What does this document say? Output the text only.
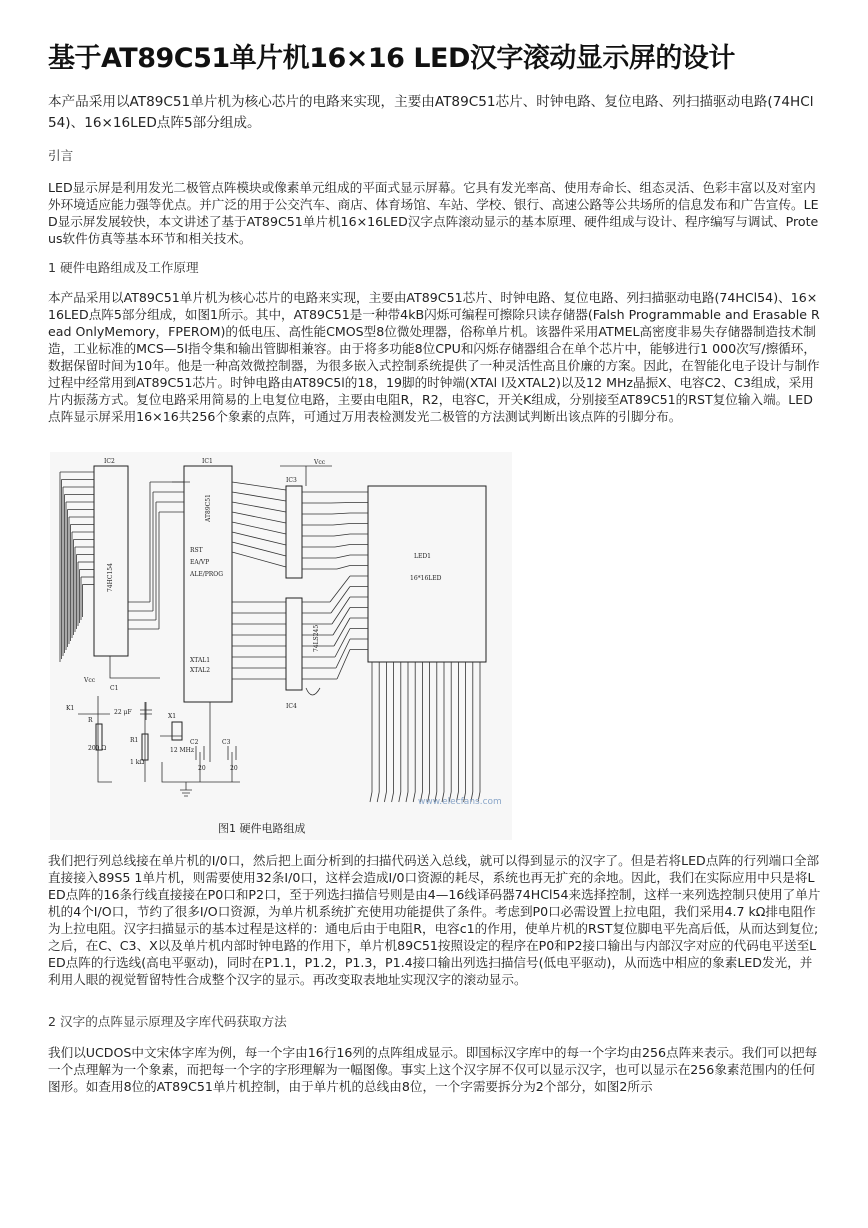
基于AT89C51单片机16×16 LED汉字滚动显示屏的设计

本产品采用以AT89C51单片机为核心芯片的电路来实现，主要由AT89C51芯片、时钟电路、复位电路、列扫描驱动电路(74HCl54)、16×16LED点阵5部分组成。

引言

LED显示屏是利用发光二极管点阵模块或像素单元组成的平面式显示屏幕。它具有发光率高、使用寿命长、组态灵活、色彩丰富以及对室内外环境适应能力强等优点。并广泛的用于公交汽车、商店、体育场馆、车站、学校、银行、高速公路等公共场所的信息发布和广告宣传。LED显示屏发展较快，本文讲述了基于AT89C51单片机16×16LED汉字点阵滚动显示的基本原理、硬件组成与设计、程序编写与调试、Proteus软件仿真等基本环节和相关技术。

1 硬件电路组成及工作原理

本产品采用以AT89C51单片机为核心芯片的电路来实现，主要由AT89C51芯片、时钟电路、复位电路、列扫描驱动电路(74HCl54)、16×16LED点阵5部分组成，如图1所示。其中，AT89C51是一种带4kB闪烁可编程可擦除只读存储器(Falsh Programmable and Erasable Read OnlyMemory，FPEROM)的低电压、高性能CMOS型8位微处理器，俗称单片机。该器件采用ATMEL高密度非易失存储器制造技术制造，工业标准的MCS—5l指令集和输出管脚相兼容。由于将多功能8位CPU和闪烁存储器组合在单个芯片中，能够进行1 000次写/擦循环，数据保留时间为10年。他是一种高效微控制器，为很多嵌入式控制系统提供了一种灵活性高且价廉的方案。因此，在智能化电子设计与制作过程中经常用到AT89C51芯片。时钟电路由AT89C5l的18，19脚的时钟端(XTAl l及XTAL2)以及12 MHz晶振X、电容C2、C3组成，采用片内振荡方式。复位电路采用简易的上电复位电路，主要由电阻R，R2，电容C，开关K组成，分别接至AT89C51的RST复位输入端。LED点阵显示屏采用16×16共256个象素的点阵，可通过万用表检测发光二极管的方法测试判断出该点阵的引脚分布。

IC2	IC1
IC3
IC4
Vcc
LED1
16*16LED
ALE/PROG
EA/VP
RST
XTAL1
XTAL2
C1
22 μF
R
200 Ω
R1
1 kΩ
X1
12 MHz
C2
20
C3
20
K1
Vcc
74HC154
AT89C51
74LS245
www.elecfans.com
图1 硬件电路组成

我们把行列总线接在单片机的I/0口，然后把上面分析到的扫描代码送入总线，就可以得到显示的汉字了。但是若将LED点阵的行列端口全部直接接入89S5 1单片机，则需要使用32条I/0口，这样会造成I/0口资源的耗尽，系统也再无扩充的余地。因此，我们在实际应用中只是将LED点阵的16条行线直接接在P0口和P2口，至于列选扫描信号则是由4—16线译码器74HCl54来选择控制，这样一来列选控制只使用了单片机的4个I/O口，节约了很多I/O口资源，为单片机系统扩充使用功能提供了条件。考虑到P0口必需设置上拉电阻，我们采用4.7 kΩ排电阻作为上拉电阻。汉字扫描显示的基本过程是这样的：通电后由于电阻R，电容c1的作用，使单片机的RST复位脚电平先高后低，从而达到复位;之后，在C、C3、X以及单片机内部时钟电路的作用下，单片机89C51按照设定的程序在P0和P2接口输出与内部汉字对应的代码电平送至LED点阵的行选线(高电平驱动)，同时在P1.1，P1.2，P1.3，P1.4接口输出列选扫描信号(低电平驱动)，从而选中相应的象素LED发光，并利用人眼的视觉暂留特性合成整个汉字的显示。再改变取表地址实现汉字的滚动显示。

2 汉字的点阵显示原理及字库代码获取方法

我们以UCDOS中文宋体字库为例，每一个字由16行16列的点阵组成显示。即国标汉字库中的每一个字均由256点阵来表示。我们可以把每一个点理解为一个象素，而把每一个字的字形理解为一幅图像。事实上这个汉字屏不仅可以显示汉字，也可以显示在256象素范围内的任何图形。如查用8位的AT89C51单片机控制，由于单片机的总线由8位，一个字需要拆分为2个部分，如图2所示
